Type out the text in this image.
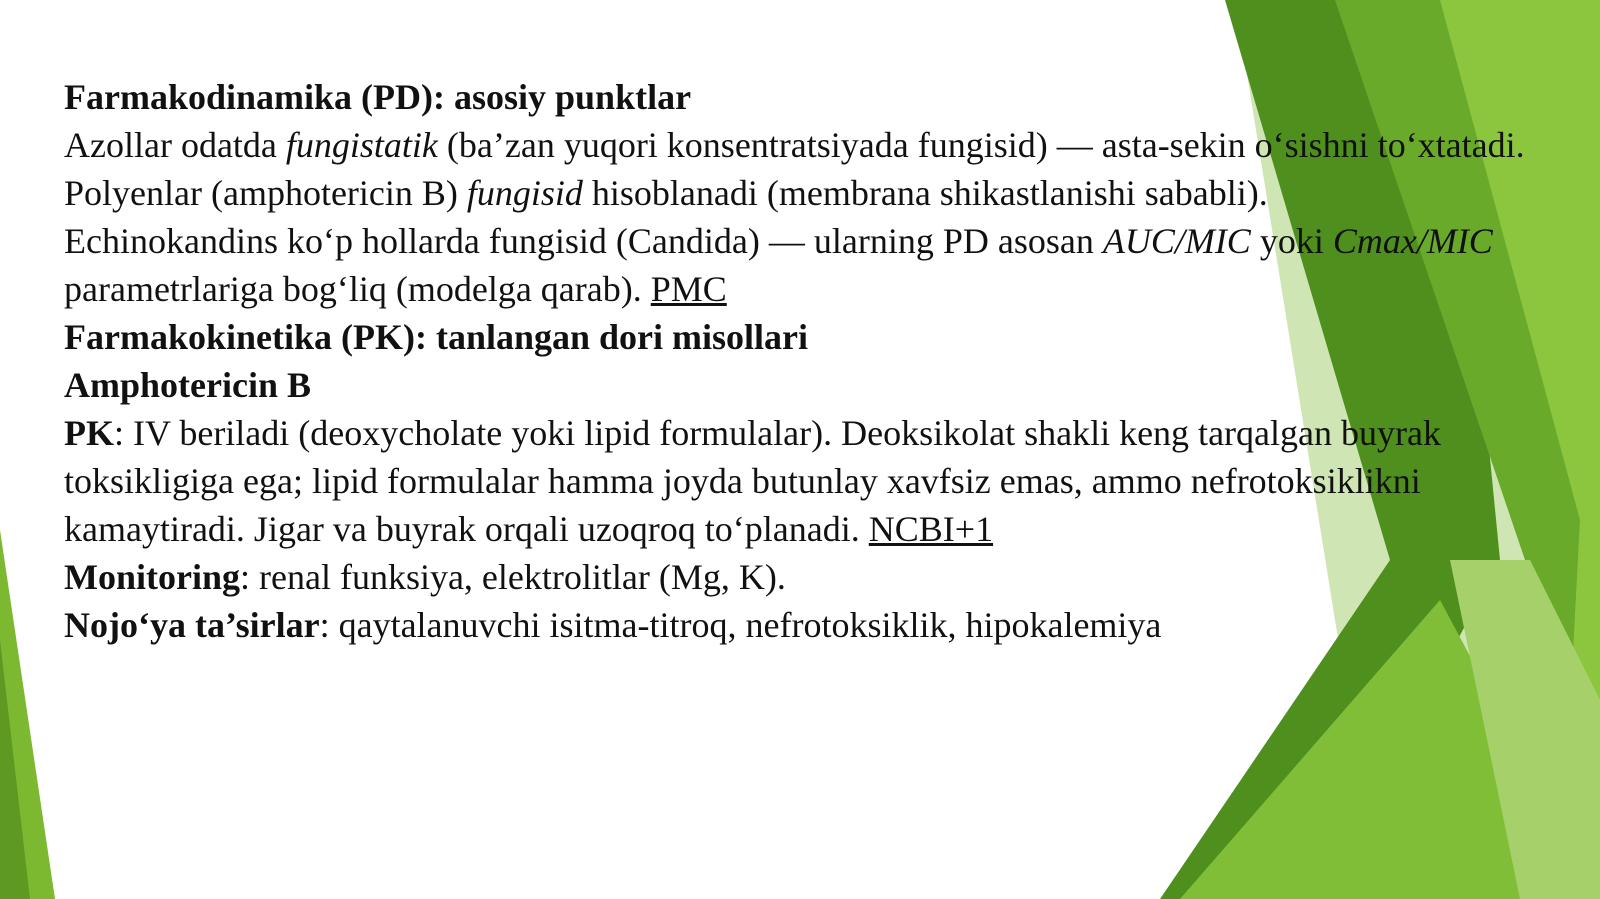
Farmakodinamika (PD): asosiy punktlar

Azollar odatda fungistatik (ba’zan yuqori konsentratsiyada fungisid) — asta-sekin o‘sishni to‘xtatadi.

Polyenlar (amphotericin B) fungisid hisoblanadi (membrana shikastlanishi sababli).

Echinokandins ko‘p hollarda fungisid (Candida) — ularning PD asosan AUC/MIC yoki Cmax/MIC parametrlariga bog‘liq (modelga qarab). PMC

Farmakokinetika (PK): tanlangan dori misollari

Amphotericin B

PK: IV beriladi (deoxycholate yoki lipid formulalar). Deoksikolat shakli keng tarqalgan buyrak toksikligiga ega; lipid formulalar hamma joyda butunlay xavfsiz emas, ammo nefrotoksiklikni kamaytiradi. Jigar va buyrak orqali uzoqroq to‘planadi. NCBI+1

Monitoring: renal funksiya, elektrolitlar (Mg, K).

Nojo‘ya ta’sirlar: qaytalanuvchi isitma-titroq, nefrotoksiklik, hipokalemiya
